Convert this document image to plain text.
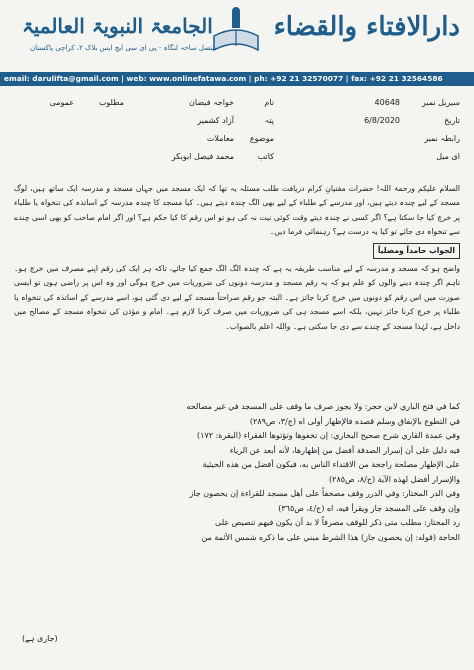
دارالافتاء والقضاء
الجامعۃ النبویۃ العالمیۃ
متصل ساحہ لنگاہ - پی ای سی ایچ ایس بلاک ۲، کراچی پاکستان
email: darulifta@gmail.com | web: www.onlinefatawa.com | ph: +92 21 32570077 | fax: +92 21 32564586
سیریل نمبر
40648
تاریخ
6/8/2020
رابطہ نمبر
ای میل
نام
خواجہ فیضان
پتہ
آزاد کشمیر
موضوع
معاملات
کاتب
محمد فیصل ابوبکر
مطلوب
عمومی

السلام علیکم ورحمۃ اللہ! حضرات مفتیانِ کرام دریافت طلب مسئلہ یہ تھا کہ ایک مسجد میں جہاں مسجد و مدرسہ ایک ساتھ ہیں، لوگ مسجد کے لیے چندہ دیتے ہیں، اور مدرسے کے طلباء کے لیے بھی الگ چندہ دیتے ہیں۔ کیا مسجد کا چندہ مدرسہ کے اساتذہ کی تنخواہ یا طلباء پر خرچ کیا جا سکتا ہے؟ اگر کسی نے چندہ دیتے وقت کوئی نیت نہ کی ہو تو اس رقم کا کیا حکم ہے؟ اور اگر امام صاحب کو بھی اسی چندے سے تنخواہ دی جائے تو کیا یہ درست ہے؟ رہنمائی فرما دیں۔

الجواب حامداً ومصلیاً

واضح ہو کہ مسجد و مدرسہ کے لیے مناسب طریقہ یہ ہے کہ چندہ الگ الگ جمع کیا جائے، تاکہ ہر ایک کی رقم اپنے مصرف میں خرچ ہو۔ تاہم اگر چندہ دینے والوں کو علم ہو کہ یہ رقم مسجد و مدرسہ دونوں کی ضروریات میں خرچ ہوگی اور وہ اس پر راضی ہوں تو ایسی صورت میں اس رقم کو دونوں میں خرچ کرنا جائز ہے۔ البتہ جو رقم صراحتاً مسجد کے لیے دی گئی ہو، اسے مدرسے کے اساتذہ کی تنخواہ یا طلباء پر خرچ کرنا جائز نہیں، بلکہ اسے مسجد ہی کی ضروریات میں صرف کرنا لازم ہے۔ امام و مؤذن کی تنخواہ مسجد کے مصالح میں داخل ہے، لہٰذا مسجد کے چندے سے دی جا سکتی ہے۔ واللہ اعلم بالصواب۔

كما في فتح الباري لابن حجر: ولا يجوز صرف ما وقف على المسجد في غير مصالحه

في التطوع بالإنفاق وسلم قصده فالإظهار أولى اه (ج/٣، ص٢٨٩)

وفي عمدة القاري شرح صحيح البخاري: إن تخفوها وتؤتوها الفقراء (البقرة: ١٧٢)

فيه دليل على أن إسرار الصدقة أفضل من إظهارها، لأنه أبعد عن الرياء

على الإظهار مصلحة راجحة من الاقتداء الناس به، فيكون أفضل من هذه الحيثية

والإسرار أفضل لهذه الآية (ج/٨، ص٢٨٥)

وفي الدر المختار: وفي الدرر وقف مصحفاً على أهل مسجد للقراءة إن يحصون جاز

وإن وقف على المسجد جاز ويقرأ فيه، اه (ج/٤، ص٣٦٥)

رد المحتار: مطلب متى ذكر للوقف مصرفاً لا بد أن يكون فيهم تنصيص على

الحاجة (قوله: إن يحصون جاز) هذا الشرط مبني على ما ذكره شمس الأئمة من

(جاری ہے)
